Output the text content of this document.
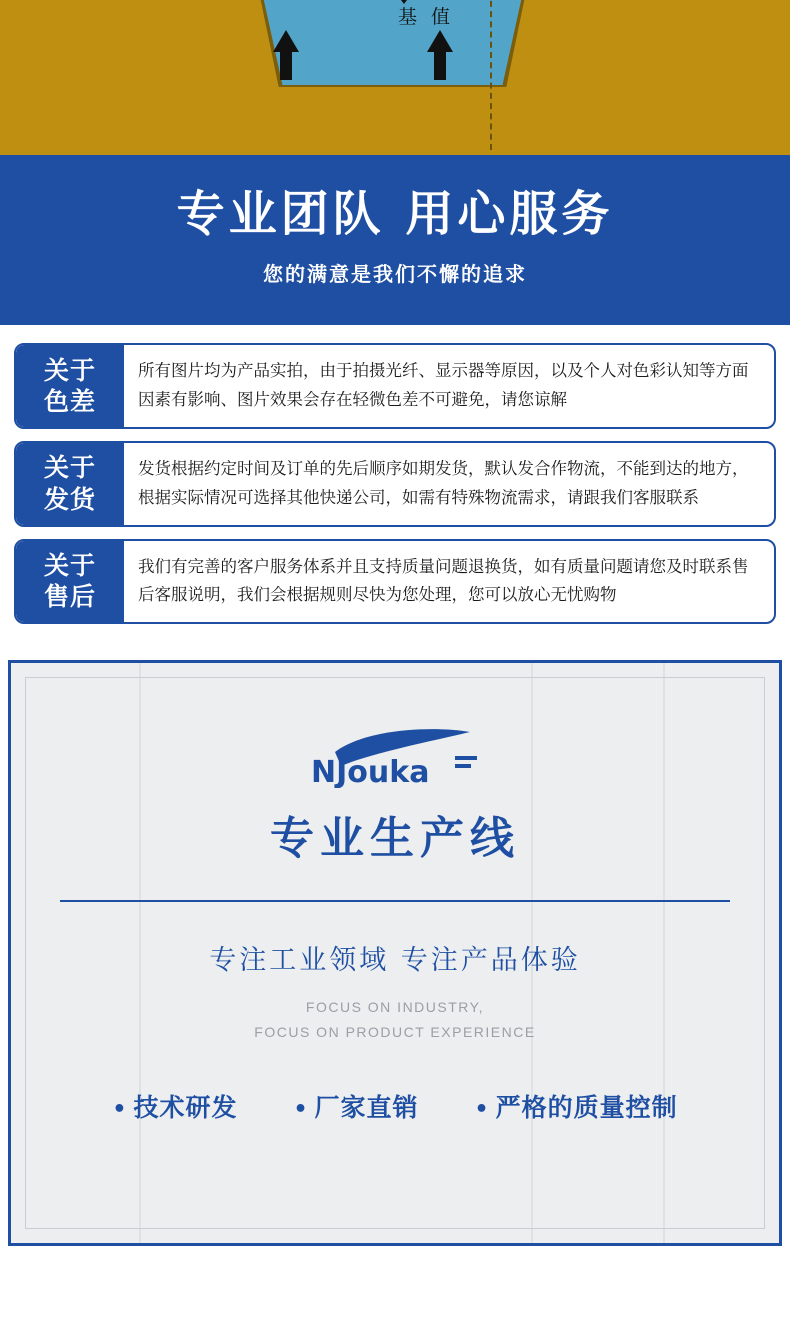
基 值
专业团队 用心服务
您的满意是我们不懈的追求
关于
色差
所有图片均为产品实拍，由于拍摄光纤、显示器等原因，以及个人对色彩认知等方面因素有影响、图片效果会存在轻微色差不可避免，请您谅解
关于
发货
发货根据约定时间及订单的先后顺序如期发货，默认发合作物流，不能到达的地方，根据实际情况可选择其他快递公司，如需有特殊物流需求，请跟我们客服联系
关于
售后
我们有完善的客户服务体系并且支持质量问题退换货，如有质量问题请您及时联系售后客服说明，我们会根据规则尽快为您处理，您可以放心无忧购物
NJouka
专业生产线
专注工业领域 专注产品体验
FOCUS ON INDUSTRY,
FOCUS ON PRODUCT EXPERIENCE
• 技术研发	• 厂家直销	• 严格的质量控制
